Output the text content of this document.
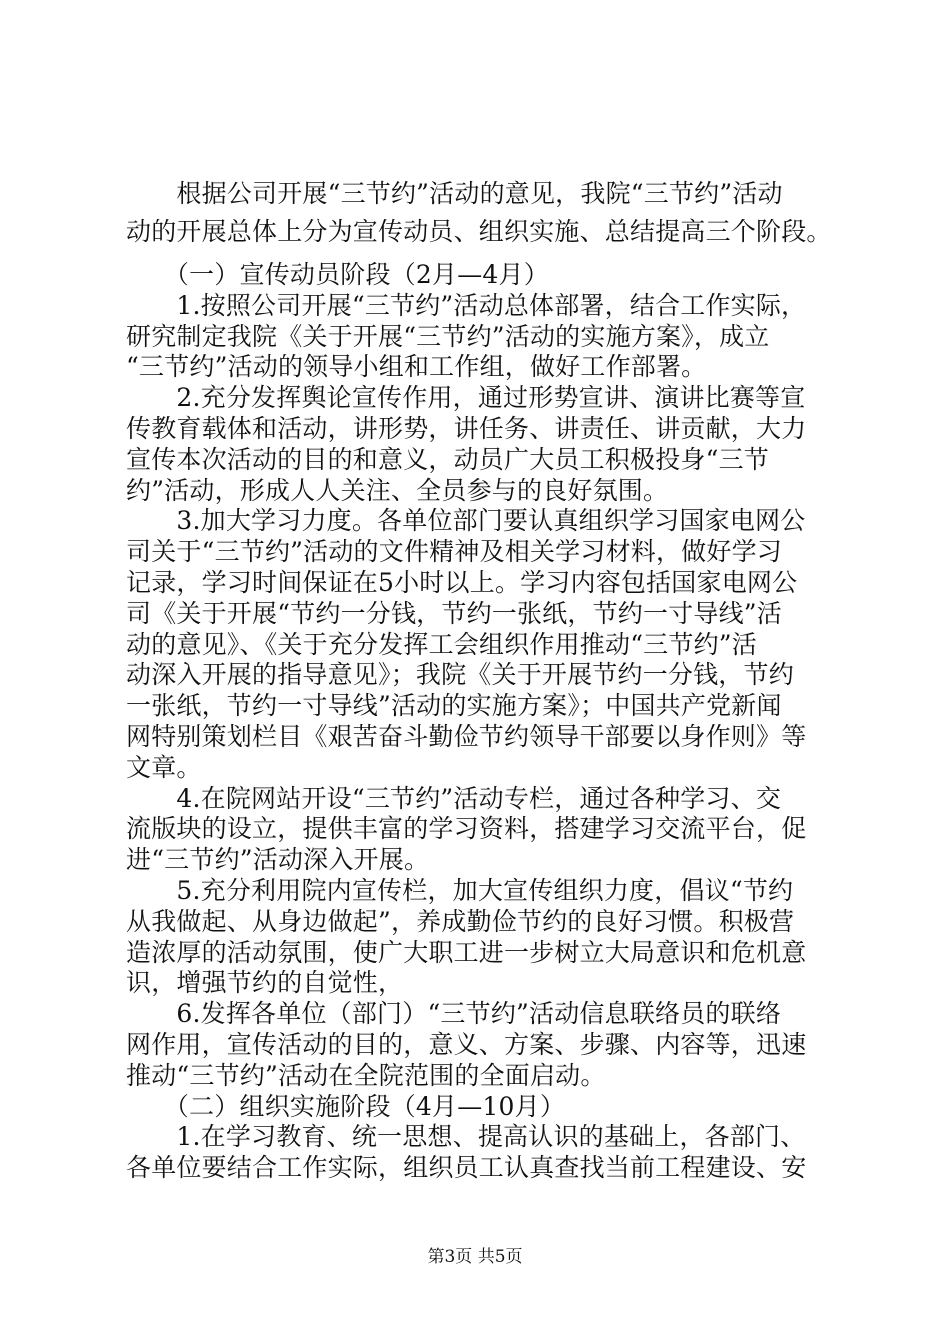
　　根据公司开展“三节约”活动的意见，我院“三节约”活动
动的开展总体上分为宣传动员、组织实施、总结提高三个阶段。
　　（一）宣传动员阶段（2月—4月）
　　1.按照公司开展“三节约”活动总体部署，结合工作实际，
研究制定我院《关于开展“三节约”活动的实施方案》，成立
“三节约”活动的领导小组和工作组，做好工作部署。
　　2.充分发挥舆论宣传作用，通过形势宣讲、演讲比赛等宣
传教育载体和活动，讲形势，讲任务、讲责任、讲贡献，大力
宣传本次活动的目的和意义，动员广大员工积极投身“三节
约”活动，形成人人关注、全员参与的良好氛围。
　　3.加大学习力度。各单位部门要认真组织学习国家电网公
司关于“三节约”活动的文件精神及相关学习材料，做好学习
记录，学习时间保证在5小时以上。学习内容包括国家电网公
司《关于开展“节约一分钱，节约一张纸，节约一寸导线”活
动的意见》、《关于充分发挥工会组织作用推动“三节约”活
动深入开展的指导意见》；我院《关于开展节约一分钱，节约
一张纸，节约一寸导线”活动的实施方案》；中国共产党新闻
网特别策划栏目《艰苦奋斗勤俭节约领导干部要以身作则》等
文章。
　　4.在院网站开设“三节约”活动专栏，通过各种学习、交
流版块的设立，提供丰富的学习资料，搭建学习交流平台，促
进“三节约”活动深入开展。
　　5.充分利用院内宣传栏，加大宣传组织力度，倡议“节约
从我做起、从身边做起”，养成勤俭节约的良好习惯。积极营
造浓厚的活动氛围，使广大职工进一步树立大局意识和危机意
识，增强节约的自觉性，
　　6.发挥各单位（部门）“三节约”活动信息联络员的联络
网作用，宣传活动的目的，意义、方案、步骤、内容等，迅速
推动“三节约”活动在全院范围的全面启动。
　　（二）组织实施阶段（4月—10月）
　　1.在学习教育、统一思想、提高认识的基础上，各部门、
各单位要结合工作实际，组织员工认真查找当前工程建设、安
第3页 共5页
